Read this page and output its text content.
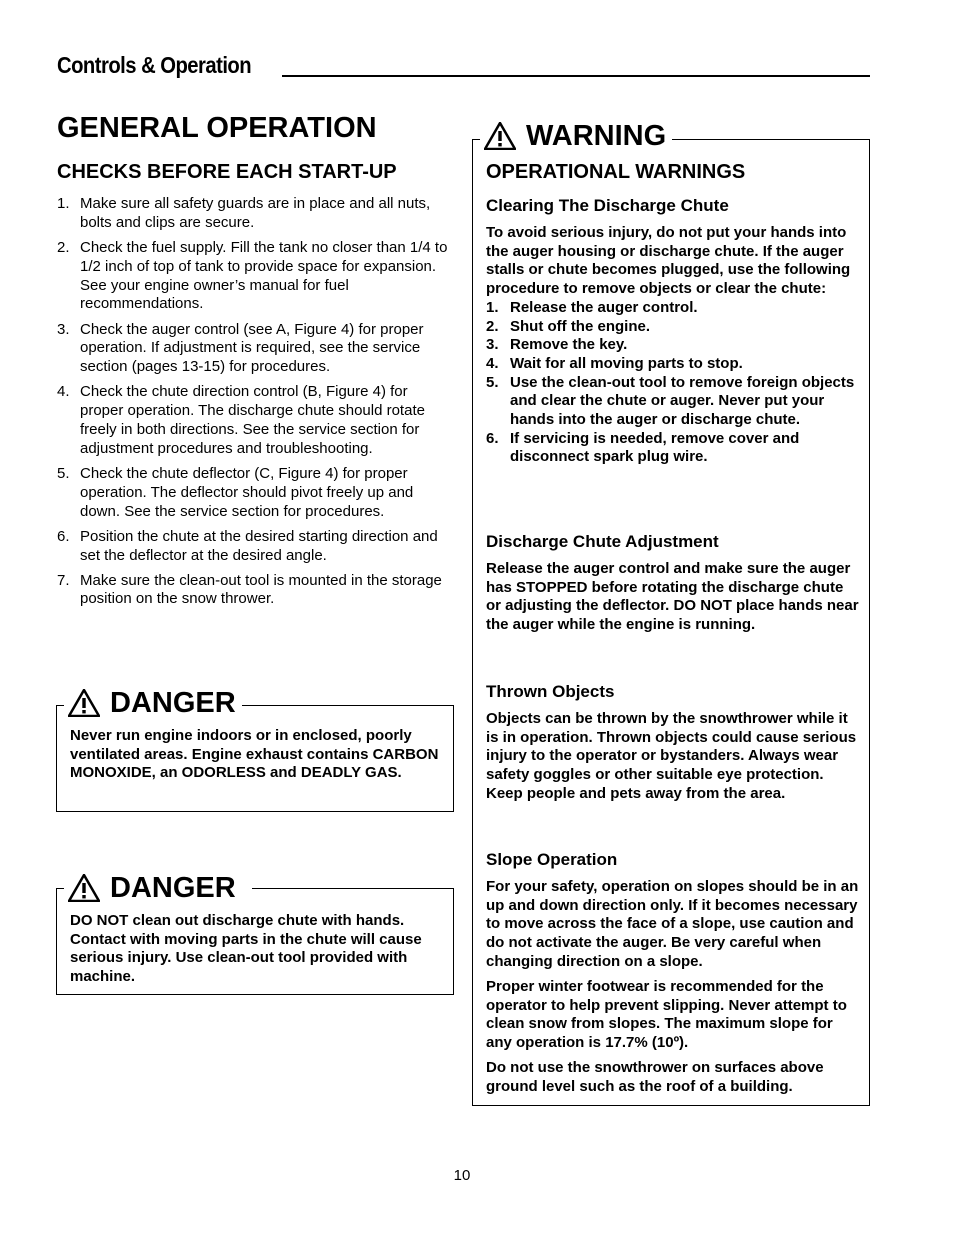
Controls & Operation
GENERAL OPERATION
CHECKS BEFORE EACH START-UP
1. Make sure all safety guards are in place and all nuts, bolts and clips are secure.
2. Check the fuel supply. Fill the tank no closer than 1/4 to 1/2 inch of top of tank to provide space for expansion. See your engine owner’s manual for fuel recommendations.
3. Check the auger control (see A, Figure 4) for proper operation. If adjustment is required, see the service section (pages 13-15) for procedures.
4. Check the chute direction control (B, Figure 4) for proper operation. The discharge chute should rotate freely in both directions. See the service section for adjustment procedures and troubleshooting.
5. Check the chute deflector (C, Figure 4) for proper operation. The deflector should pivot freely up and down. See the service section for procedures.
6. Position the chute at the desired starting direction and set the deflector at the desired angle.
7. Make sure the clean-out tool is mounted in the storage position on the snow thrower.
Never run engine indoors or in enclosed, poorly ventilated areas. Engine exhaust contains CARBON MONOXIDE, an ODORLESS and DEADLY GAS.
DANGER
DO NOT clean out discharge chute with hands. Contact with moving parts in the chute will cause serious injury. Use clean-out tool provided with machine.
DANGER
WARNING
OPERATIONAL WARNINGS
Clearing The Discharge Chute
To avoid serious injury, do not put your hands into the auger housing or discharge chute. If the auger stalls or chute becomes plugged, use the following procedure to remove objects or clear the chute:
1. Release the auger control.
2. Shut off the engine.
3. Remove the key.
4. Wait for all moving parts to stop.
5. Use the clean-out tool to remove foreign objects and clear the chute or auger. Never put your hands into the auger or discharge chute.
6. If servicing is needed, remove cover and disconnect spark plug wire.
Discharge Chute Adjustment
Release the auger control and make sure the auger has STOPPED before rotating the discharge chute or adjusting the deflector. DO NOT place hands near the auger while the engine is running.
Thrown Objects
Objects can be thrown by the snowthrower while it is in operation. Thrown objects could cause serious injury to the operator or bystanders. Always wear safety goggles or other suitable eye protection. Keep people and pets away from the area.
Slope Operation
For your safety, operation on slopes should be in an up and down direction only. If it becomes necessary to move across the face of a slope, use caution and do not activate the auger. Be very careful when changing direction on a slope.
Proper winter footwear is recommended for the operator to help prevent slipping. Never attempt to clean snow from slopes. The maximum slope for any operation is 17.7% (10º).
Do not use the snowthrower on surfaces above ground level such as the roof of a building.
10
